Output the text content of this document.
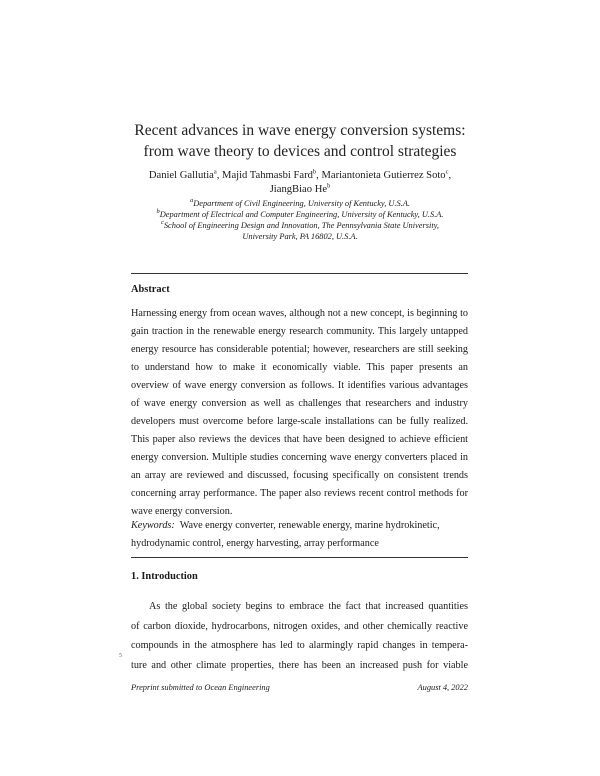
Recent advances in wave energy conversion systems:
from wave theory to devices and control strategies
Daniel Gallutia$^a$, Majid Tahmasbi Fard$^b$, Mariantonieta Gutierrez Soto$^c$,
JiangBiao He$^b$
$^a$Department of Civil Engineering, University of Kentucky, U.S.A.
$^b$Department of Electrical and Computer Engineering, University of Kentucky, U.S.A.
$^c$School of Engineering Design and Innovation, The Pennsylvania State University,
University Park, PA 16802, U.S.A.
Abstract
Harnessing energy from ocean waves, although not a new concept, is beginning to gain traction in the renewable energy research community. This largely untapped energy resource has considerable potential; however, researchers are still seeking to understand how to make it economically viable. This paper presents an overview of wave energy conversion as follows. It identifies various advantages of wave energy conversion as well as challenges that researchers and industry developers must overcome before large-scale installations can be fully realized. This paper also reviews the devices that have been designed to achieve efficient energy conversion. Multiple studies concerning wave energy converters placed in an array are reviewed and discussed, focusing specifically on consistent trends concerning array performance. The paper also reviews recent control methods for wave energy conversion.
Keywords: Wave energy converter, renewable energy, marine hydrokinetic, hydrodynamic control, energy harvesting, array performance
1. Introduction
As the global society begins to embrace the fact that increased quantities
of carbon dioxide, hydrocarbons, nitrogen oxides, and other chemically reactive
compounds in the atmosphere has led to alarmingly rapid changes in tempera-
ture and other climate properties, there has been an increased push for viable
5
Preprint submitted to Ocean Engineering	August 4, 2022
